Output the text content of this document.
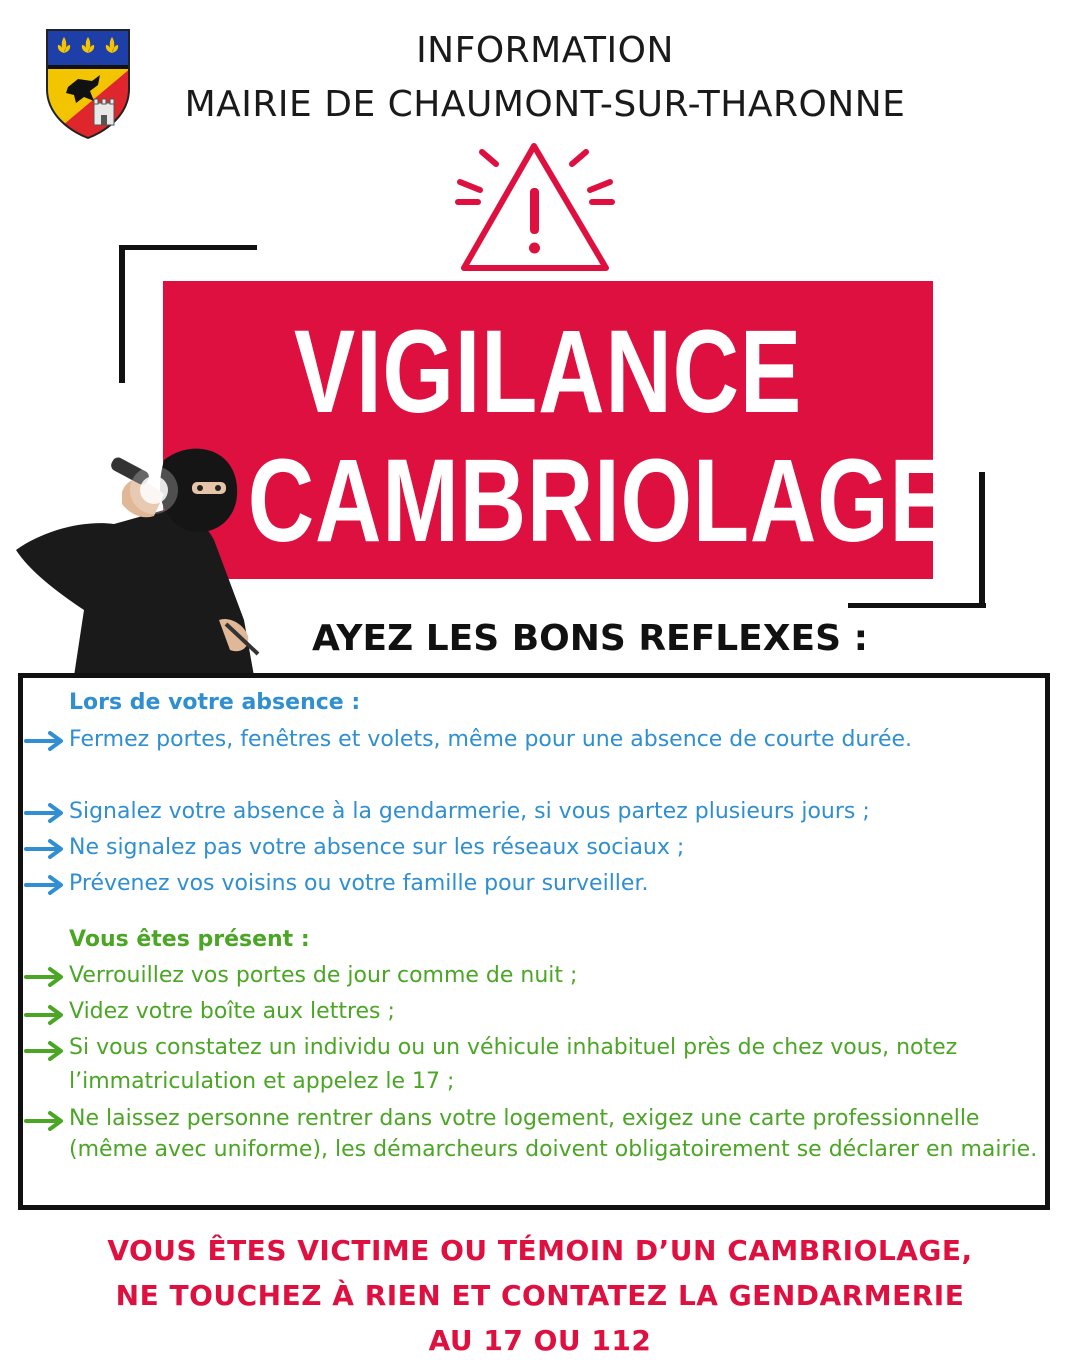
INFORMATION
MAIRIE DE CHAUMONT-SUR-THARONNE
VIGILANCE
CAMBRIOLAGE
AYEZ LES BONS REFLEXES :
Lors de votre absence :
Fermez portes, fenêtres et volets, même pour une absence de courte durée.
Signalez votre absence à la gendarmerie, si vous partez plusieurs jours ;
Ne signalez pas votre absence sur les réseaux sociaux ;
Prévenez vos voisins ou votre famille pour surveiller.
Vous êtes présent :
Verrouillez vos portes de jour comme de nuit ;
Videz votre boîte aux lettres ;
Si vous constatez un individu ou un véhicule inhabituel près de chez vous, notez l’immatriculation et appelez le 17 ;
Ne laissez personne rentrer dans votre logement, exigez une carte professionnelle (même avec uniforme), les démarcheurs doivent obligatoirement se déclarer en mairie.
VOUS ÊTES VICTIME OU TÉMOIN D’UN CAMBRIOLAGE,
NE TOUCHEZ À RIEN ET CONTATEZ LA GENDARMERIE
AU 17 OU 112
